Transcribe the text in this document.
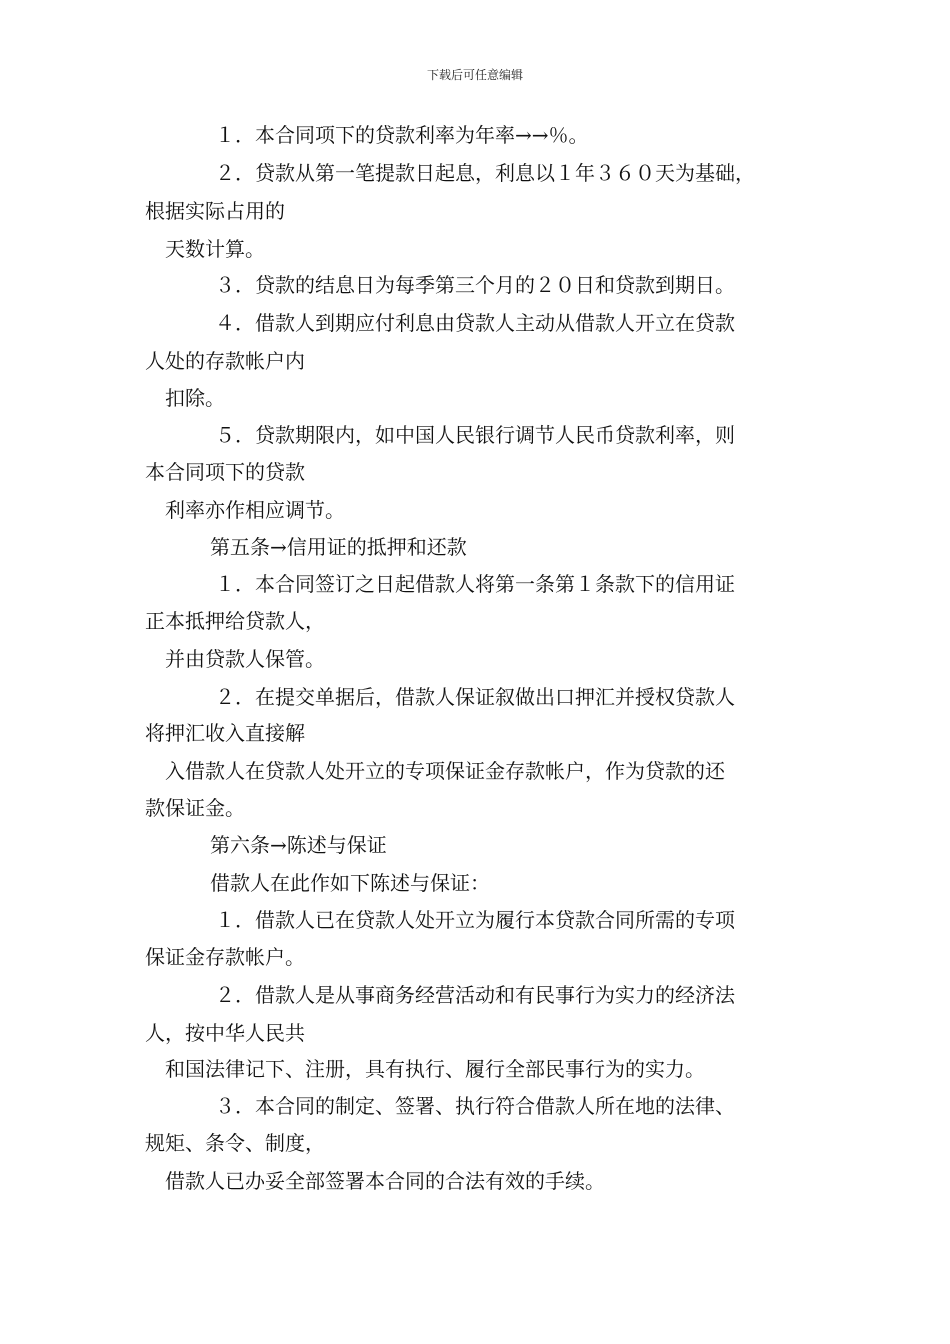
下载后可任意编辑
１．本合同项下的贷款利率为年率→→％。
２．贷款从第一笔提款日起息，利息以１年３６０天为基础，
根据实际占用的
天数计算。
３．贷款的结息日为每季第三个月的２０日和贷款到期日。
４．借款人到期应付利息由贷款人主动从借款人开立在贷款
人处的存款帐户内
扣除。
５．贷款期限内，如中国人民银行调节人民币贷款利率，则
本合同项下的贷款
利率亦作相应调节。
第五条→信用证的抵押和还款
１．本合同签订之日起借款人将第一条第１条款下的信用证
正本抵押给贷款人，
并由贷款人保管。
２．在提交单据后，借款人保证叙做出口押汇并授权贷款人
将押汇收入直接解
入借款人在贷款人处开立的专项保证金存款帐户，作为贷款的还
款保证金。
第六条→陈述与保证
借款人在此作如下陈述与保证：
１．借款人已在贷款人处开立为履行本贷款合同所需的专项
保证金存款帐户。
２．借款人是从事商务经营活动和有民事行为实力的经济法
人，按中华人民共
和国法律记下、注册，具有执行、履行全部民事行为的实力。
３．本合同的制定、签署、执行符合借款人所在地的法律、
规矩、条令、制度，
借款人已办妥全部签署本合同的合法有效的手续。
